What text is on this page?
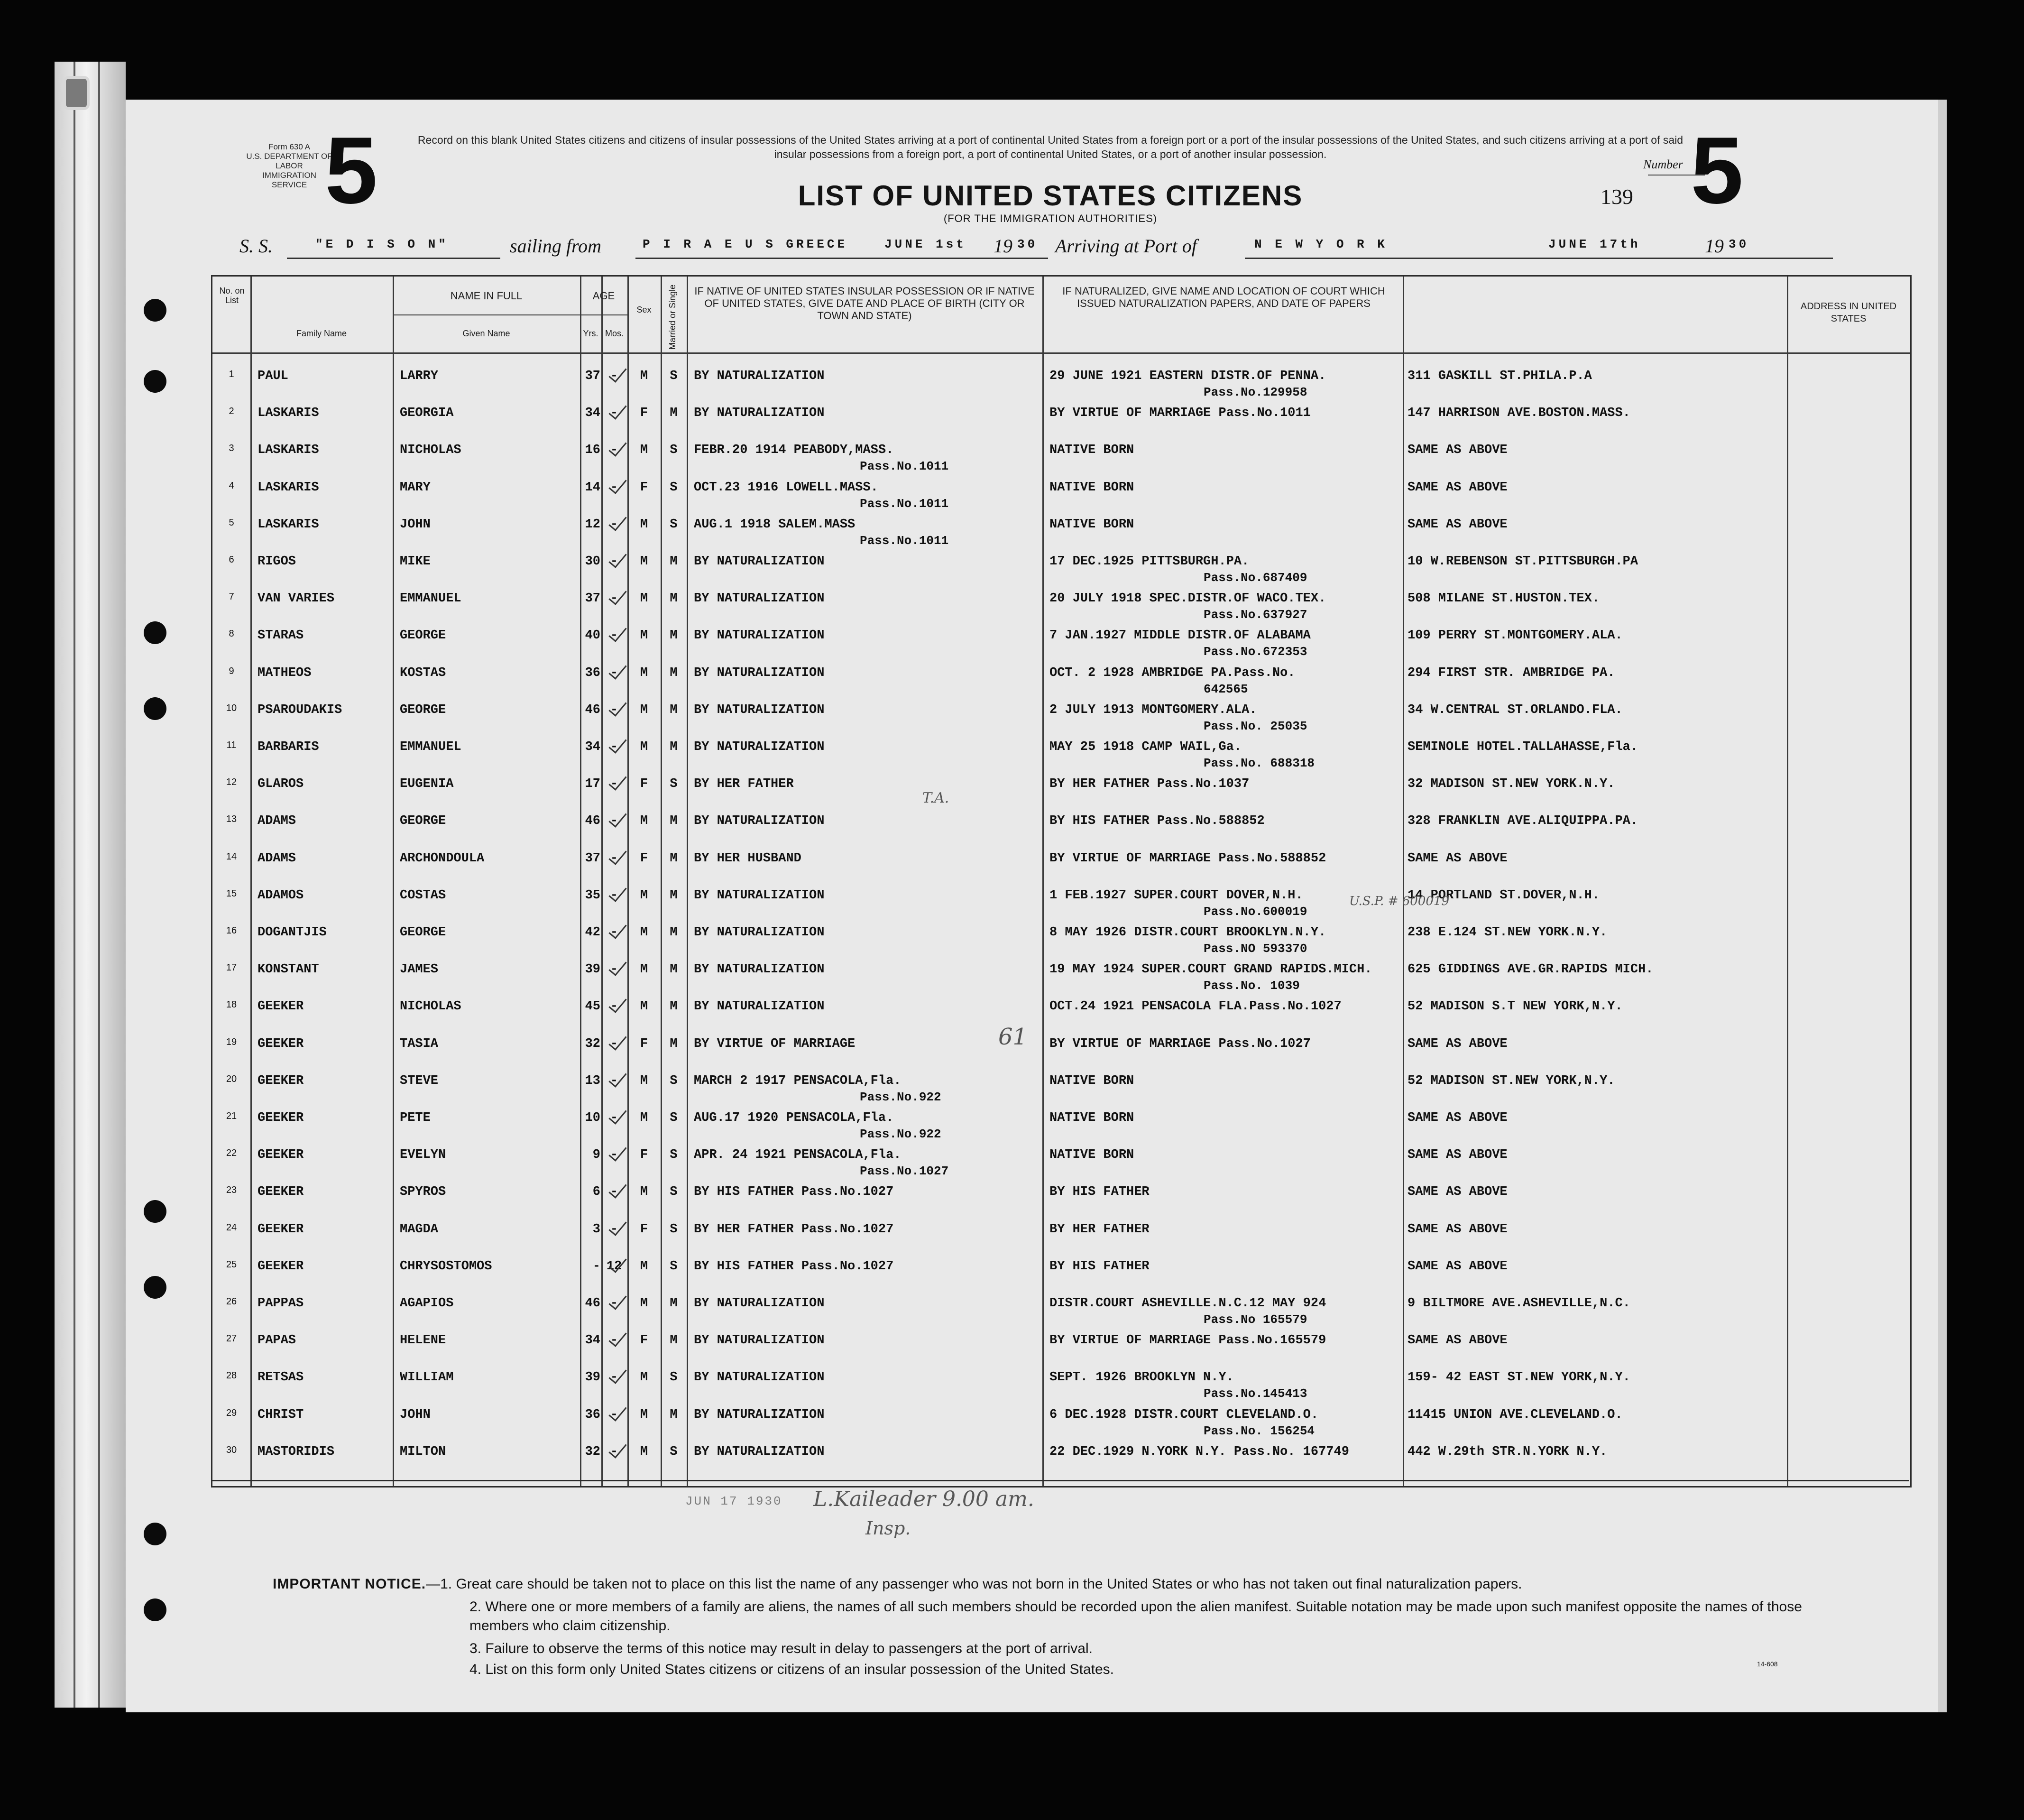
Form 630 A
U.S. DEPARTMENT OF LABOR
IMMIGRATION SERVICE 5	Record on this blank United States citizens and citizens of insular possessions of the United States arriving at a port of continental United States from a foreign port or a port of the insular possessions of the United States, and such citizens arriving at a port of said insular possessions from a foreign port, a port of continental United States, or a port of another insular possession.
LIST OF UNITED STATES CITIZENS
(FOR THE IMMIGRATION AUTHORITIES)
Number
139 5
S. S.	"E D I S O N"	sailing from	P I R A E U S GREECE	JUNE 1st 19 30 Arriving at Port of	N E W Y O R K	JUNE 17th	19 30
No. on List	NAME IN FULL
Family Name	Given Name
AGE
Yrs. Mos.
Sex	Married or Single IF NATIVE OF UNITED STATES INSULAR POSSESSION OR IF NATIVE OF UNITED STATES, GIVE DATE AND PLACE OF BIRTH (CITY OR TOWN AND STATE)
IF NATURALIZED, GIVE NAME AND LOCATION OF COURT WHICH ISSUED NATURALIZATION PAPERS, AND DATE OF PAPERS	ADDRESS IN UNITED STATES
1	PAUL	LARRY	37 -	M	S	BY NATURALIZATION	29 JUNE 1921 EASTERN DISTR.OF PENNA.	311 GASKILL ST.PHILA.P.A
Pass.No.129958
2	LASKARIS	GEORGIA	34 -	F	M	BY NATURALIZATION	BY VIRTUE OF MARRIAGE Pass.No.1011	147 HARRISON AVE.BOSTON.MASS.
3	LASKARIS	NICHOLAS	16 -	M	S	FEBR.20 1914 PEABODY,MASS.	NATIVE BORN	SAME AS ABOVE
Pass.No.1011
4	LASKARIS	MARY	14 -	F	S	OCT.23 1916 LOWELL.MASS.	NATIVE BORN	SAME AS ABOVE
Pass.No.1011
5	LASKARIS	JOHN	12 -	M	S	AUG.1 1918 SALEM.MASS	NATIVE BORN	SAME AS ABOVE
Pass.No.1011
6	RIGOS	MIKE	30 -	M	M	BY NATURALIZATION	17 DEC.1925 PITTSBURGH.PA.	10 W.REBENSON ST.PITTSBURGH.PA
Pass.No.687409
7	VAN VARIES	EMMANUEL	37 -	M	M	BY NATURALIZATION	20 JULY 1918 SPEC.DISTR.OF WACO.TEX.	508 MILANE ST.HUSTON.TEX.
Pass.No.637927
8	STARAS	GEORGE	40 -	M	M	BY NATURALIZATION	7 JAN.1927 MIDDLE DISTR.OF ALABAMA	109 PERRY ST.MONTGOMERY.ALA.
Pass.No.672353
9	MATHEOS	KOSTAS	36 -	M	M	BY NATURALIZATION	OCT. 2 1928 AMBRIDGE PA.Pass.No.	294 FIRST STR. AMBRIDGE PA.
642565
10	PSAROUDAKIS	GEORGE	46 -	M	M	BY NATURALIZATION	2 JULY 1913 MONTGOMERY.ALA.	34 W.CENTRAL ST.ORLANDO.FLA.
Pass.No. 25035
11	BARBARIS	EMMANUEL	34 -	M	M	BY NATURALIZATION	MAY 25 1918 CAMP WAIL,Ga.	SEMINOLE HOTEL.TALLAHASSE,Fla.
Pass.No. 688318
12	GLAROS	EUGENIA	17 -	F	S	BY HER FATHER	BY HER FATHER Pass.No.1037	32 MADISON ST.NEW YORK.N.Y.
13	ADAMS	GEORGE	46 -	M	M	BY NATURALIZATION	BY HIS FATHER Pass.No.588852	328 FRANKLIN AVE.ALIQUIPPA.PA.
14	ADAMS	ARCHONDOULA	37 -	F	M	BY HER HUSBAND	BY VIRTUE OF MARRIAGE Pass.No.588852	SAME AS ABOVE
15	ADAMOS	COSTAS	35 -	M	M	BY NATURALIZATION	1 FEB.1927 SUPER.COURT DOVER,N.H.	14 PORTLAND ST.DOVER,N.H.
Pass.No.600019
16	DOGANTJIS	GEORGE	42 -	M	M	BY NATURALIZATION	8 MAY 1926 DISTR.COURT BROOKLYN.N.Y.	238 E.124 ST.NEW YORK.N.Y.
Pass.NO 593370
17	KONSTANT	JAMES	39 -	M	M	BY NATURALIZATION	19 MAY 1924 SUPER.COURT GRAND RAPIDS.MICH.	625 GIDDINGS AVE.GR.RAPIDS MICH.
Pass.No. 1039
18	GEEKER	NICHOLAS	45 -	M	M	BY NATURALIZATION	OCT.24 1921 PENSACOLA FLA.Pass.No.1027	52 MADISON S.T NEW YORK,N.Y.
19	GEEKER	TASIA	32 -	F	M	BY VIRTUE OF MARRIAGE	BY VIRTUE OF MARRIAGE Pass.No.1027	SAME AS ABOVE
20	GEEKER	STEVE	13 -	M	S	MARCH 2 1917 PENSACOLA,Fla.	NATIVE BORN	52 MADISON ST.NEW YORK,N.Y.
Pass.No.922
21	GEEKER	PETE	10 -	M	S	AUG.17 1920 PENSACOLA,Fla.	NATIVE BORN	SAME AS ABOVE
Pass.No.922
22	GEEKER	EVELYN	9 -	F	S	APR. 24 1921 PENSACOLA,Fla.	NATIVE BORN	SAME AS ABOVE
Pass.No.1027
23	GEEKER	SPYROS	6 -	M	S	BY HIS FATHER Pass.No.1027	BY HIS FATHER	SAME AS ABOVE
24	GEEKER	MAGDA	3 -	F	S	BY HER FATHER Pass.No.1027	BY HER FATHER	SAME AS ABOVE
25	GEEKER	CHRYSOSTOMOS	- 12	M	S	BY HIS FATHER Pass.No.1027	BY HIS FATHER	SAME AS ABOVE
26	PAPPAS	AGAPIOS	46 -	M	M	BY NATURALIZATION	DISTR.COURT ASHEVILLE.N.C.12 MAY 924	9 BILTMORE AVE.ASHEVILLE,N.C.
Pass.No 165579
27	PAPAS	HELENE	34 -	F	M	BY NATURALIZATION	BY VIRTUE OF MARRIAGE Pass.No.165579	SAME AS ABOVE
28	RETSAS	WILLIAM	39 -	M	S	BY NATURALIZATION	SEPT. 1926 BROOKLYN N.Y.	159- 42 EAST ST.NEW YORK,N.Y.
Pass.No.145413
29	CHRIST	JOHN	36 -	M	M	BY NATURALIZATION	6 DEC.1928 DISTR.COURT CLEVELAND.O.	11415 UNION AVE.CLEVELAND.O.
Pass.No. 156254
30	MASTORIDIS	MILTON	32 -	M	S	BY NATURALIZATION	22 DEC.1929 N.YORK N.Y. Pass.No. 167749	442 W.29th STR.N.YORK N.Y.
JUN 17 1930 L.Kaileader 9.00 am.
Insp.
61
T.A.
U.S.P. # 600019
IMPORTANT NOTICE.—1. Great care should be taken not to place on this list the name of any passenger who was not born in the United States or who has not taken out final naturalization papers.
2. Where one or more members of a family are aliens, the names of all such members should be recorded upon the alien manifest. Suitable notation may be made upon such manifest opposite the names of those members who claim citizenship.
3. Failure to observe the terms of this notice may result in delay to passengers at the port of arrival.
4. List on this form only United States citizens or citizens of an insular possession of the United States.	14-608
